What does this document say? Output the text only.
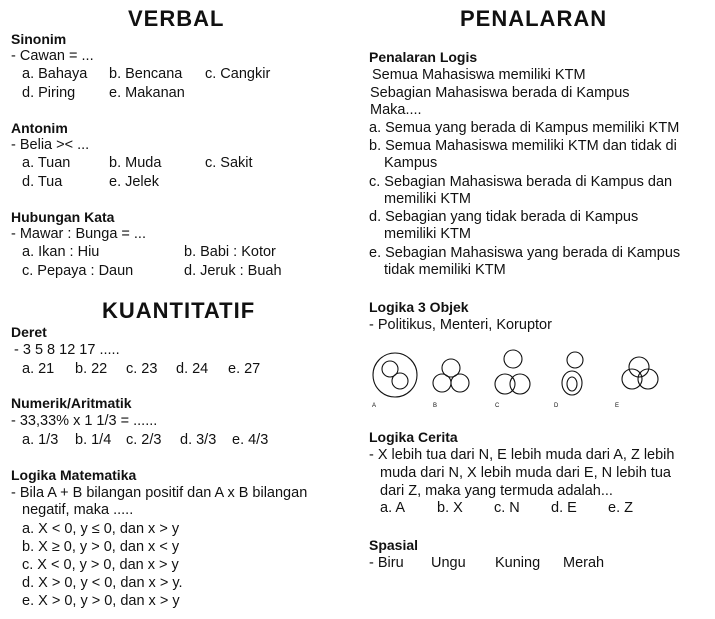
VERBAL
Sinonim
- Cawan = ...
a. Bahaya b. Bencana c. Cangkir
d. Piring e. Makanan
Antonim
- Belia >< ...
a. Tuan	b. Muda	c. Sakit
d. Tua	e. Jelek
Hubungan Kata
- Mawar : Bunga = ...
a. Ikan : Hiu	b. Babi : Kotor
c. Pepaya : Daun	d. Jeruk : Buah
KUANTITATIF
Deret
- 3 5 8 12 17 .....
a. 21 b. 22 c. 23 d. 24 e. 27
Numerik/Aritmatik
- 33,33% x 1 1/3 = ......
a. 1/3 b. 1/4 c. 2/3 d. 3/3 e. 4/3
Logika Matematika
- Bila A + B bilangan positif dan A x B bilangan
negatif, maka .....
a. X < 0, y ≤ 0, dan x > y
b. X ≥ 0, y > 0, dan x < y
c. X < 0, y > 0, dan x > y
d. X > 0, y < 0, dan x > y.
e. X > 0, y > 0, dan x > y
PENALARAN
Penalaran Logis
Semua Mahasiswa memiliki KTM
Sebagian Mahasiswa berada di Kampus
Maka....
a. Semua yang berada di Kampus memiliki KTM
b. Semua Mahasiswa memiliki KTM dan tidak di
Kampus
c. Sebagian Mahasiswa berada di Kampus dan
memiliki KTM
d. Sebagian yang tidak berada di Kampus
memiliki KTM
e. Sebagian Mahasiswa yang berada di Kampus
tidak memiliki KTM
Logika 3 Objek
- Politikus, Menteri, Koruptor
A	B	C	D	E
Logika Cerita
- X lebih tua dari N, E lebih muda dari A, Z lebih
muda dari N, X lebih muda dari E, N lebih tua
dari Z, maka yang termuda adalah...
a. A b. X c. N d. E e. Z
Spasial
- Biru Ungu Kuning Merah
